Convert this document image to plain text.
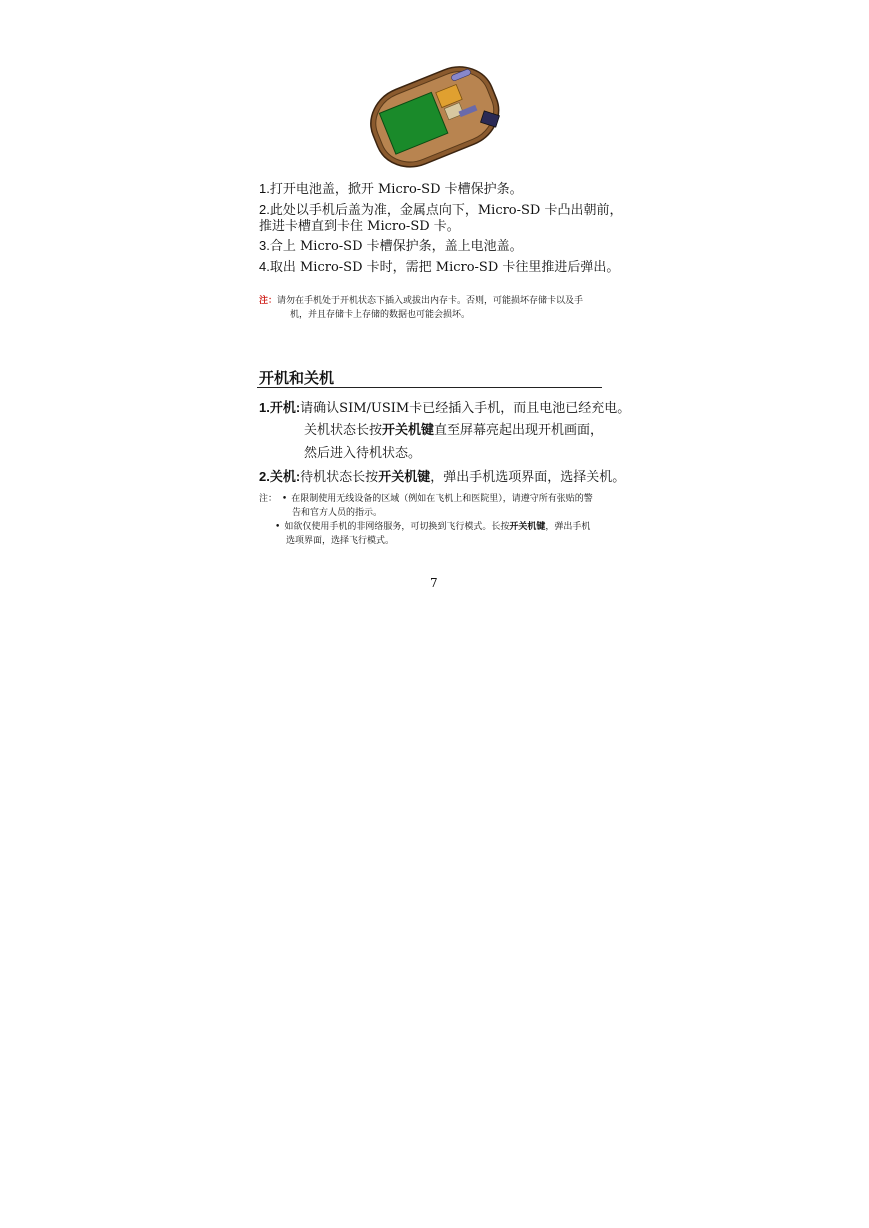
1.打开电池盖，掀开 Micro-SD 卡槽保护条。
2.此处以手机后盖为准，金属点向下，Micro-SD 卡凸出朝前，
推进卡槽直到卡住 Micro-SD 卡。
3.合上 Micro-SD 卡槽保护条，盖上电池盖。
4.取出 Micro-SD 卡时，需把 Micro-SD 卡往里推进后弹出。
注：请勿在手机处于开机状态下插入或拔出内存卡。否则，可能损坏存储卡以及手
机，并且存储卡上存储的数据也可能会损坏。
开机和关机
1.开机:请确认SIM/USIM卡已经插入手机，而且电池已经充电。
关机状态长按开关机键直至屏幕亮起出现开机画面，
然后进入待机状态。
2.关机:待机状态长按开关机键，弹出手机选项界面，选择关机。
注： • 在限制使用无线设备的区域（例如在飞机上和医院里），请遵守所有张贴的警
告和官方人员的指示。
• 如欲仅使用手机的非网络服务，可切换到飞行模式。长按开关机键，弹出手机
选项界面，选择飞行模式。
7
